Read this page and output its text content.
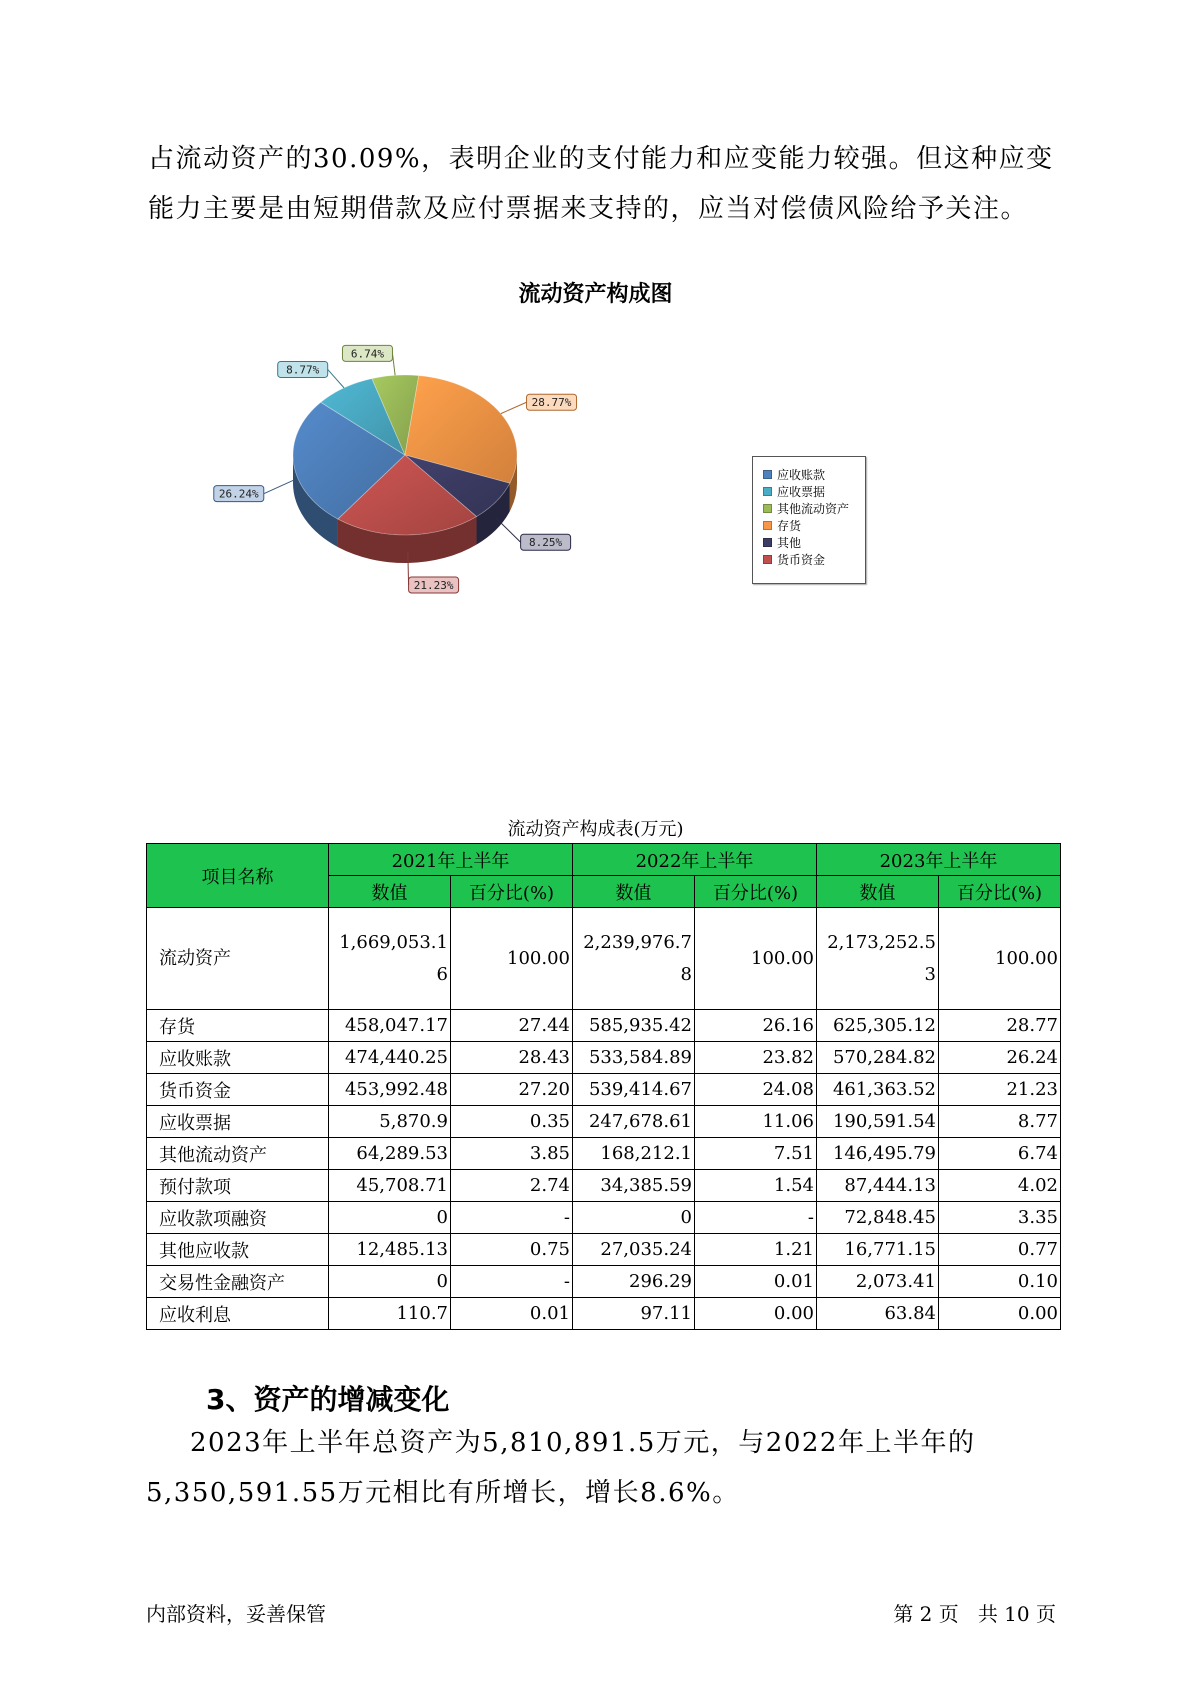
占流动资产的30.09%，表明企业的支付能力和应变能力较强。但这种应变
能力主要是由短期借款及应付票据来支持的，应当对偿债风险给予关注。
流动资产构成图
26.24%
8.77%
6.74%
28.77%
8.25%
21.23%
应收账款
应收票据
其他流动资产
存货
其他
货币资金
流动资产构成表(万元)
项目名称	2021年上半年		2022年上半年		2023年上半年	
	数值	百分比(%)	数值	百分比(%)	数值	百分比(%)
流动资产	1,669,053.16	100.00	2,239,976.78	100.00	2,173,252.53	100.00
存货	458,047.17	27.44	585,935.42	26.16	625,305.12	28.77
应收账款	474,440.25	28.43	533,584.89	23.82	570,284.82	26.24
货币资金	453,992.48	27.20	539,414.67	24.08	461,363.52	21.23
应收票据	5,870.9	0.35	247,678.61	11.06	190,591.54	8.77
其他流动资产	64,289.53	3.85	168,212.1	7.51	146,495.79	6.74
预付款项	45,708.71	2.74	34,385.59	1.54	87,444.13	4.02
应收款项融资	0	-	0	-	72,848.45	3.35
其他应收款	12,485.13	0.75	27,035.24	1.21	16,771.15	0.77
交易性金融资产	0	-	296.29	0.01	2,073.41	0.10
应收利息	110.7	0.01	97.11	0.00	63.84	0.00
3、资产的增减变化
2023年上半年总资产为5,810,891.5万元，与2022年上半年的
5,350,591.55万元相比有所增长，增长8.6%。
内部资料，妥善保管	第 2 页   共 10 页
